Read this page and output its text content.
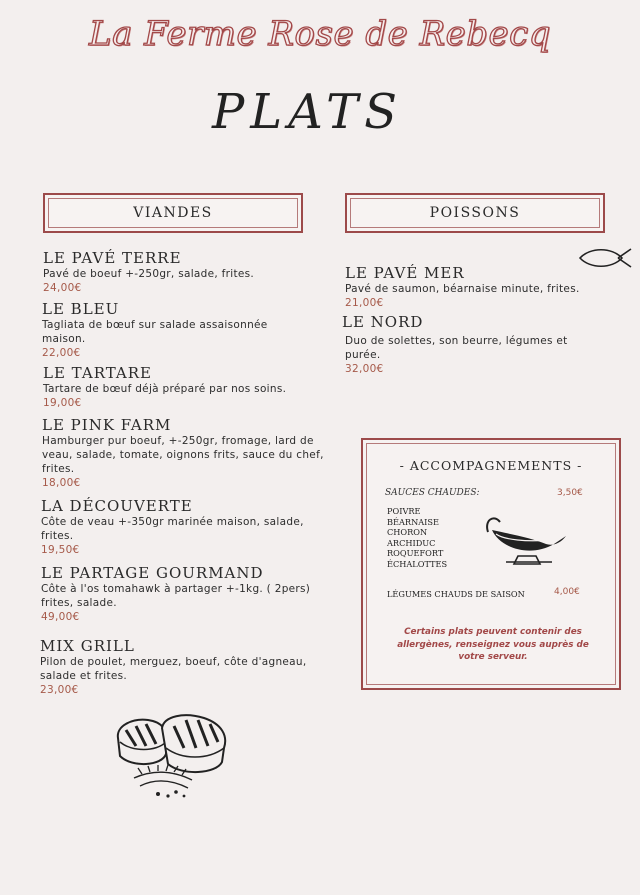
La Ferme Rose de Rebecq
PLATS
VIANDES	POISSONS
LE PAVÉ TERRE
Pavé de boeuf +-250gr, salade, frites.
24,00€
LE BLEU
Tagliata de bœuf sur salade assaisonnée maison.
22,00€
LE TARTARE
Tartare de bœuf déjà préparé par nos soins.
19,00€
LE PINK FARM
Hamburger pur boeuf, +-250gr, fromage, lard de veau, salade, tomate, oignons frits, sauce du chef, frites.
18,00€
LA DÉCOUVERTE
Côte de veau +-350gr marinée maison, salade, frites.
19,50€
LE PARTAGE GOURMAND
Côte à l'os tomahawk à partager +-1kg. ( 2pers) frites, salade.
49,00€
MIX GRILL
Pilon de poulet, merguez, boeuf, côte d'agneau, salade et frites.
23,00€
LE PAVÉ MER
Pavé de saumon, béarnaise minute, frites.
21,00€
LE NORD
Duo de solettes, son beurre, légumes et purée.
32,00€
- ACCOMPAGNEMENTS -
SAUCES CHAUDES:	3,50€
POIVRE
BÉARNAISE
CHORON
ARCHIDUC
ROQUEFORT
ÉCHALOTTES
LÉGUMES CHAUDS DE SAISON	4,00€
Certains plats peuvent contenir des allergènes, renseignez vous auprès de votre serveur.
